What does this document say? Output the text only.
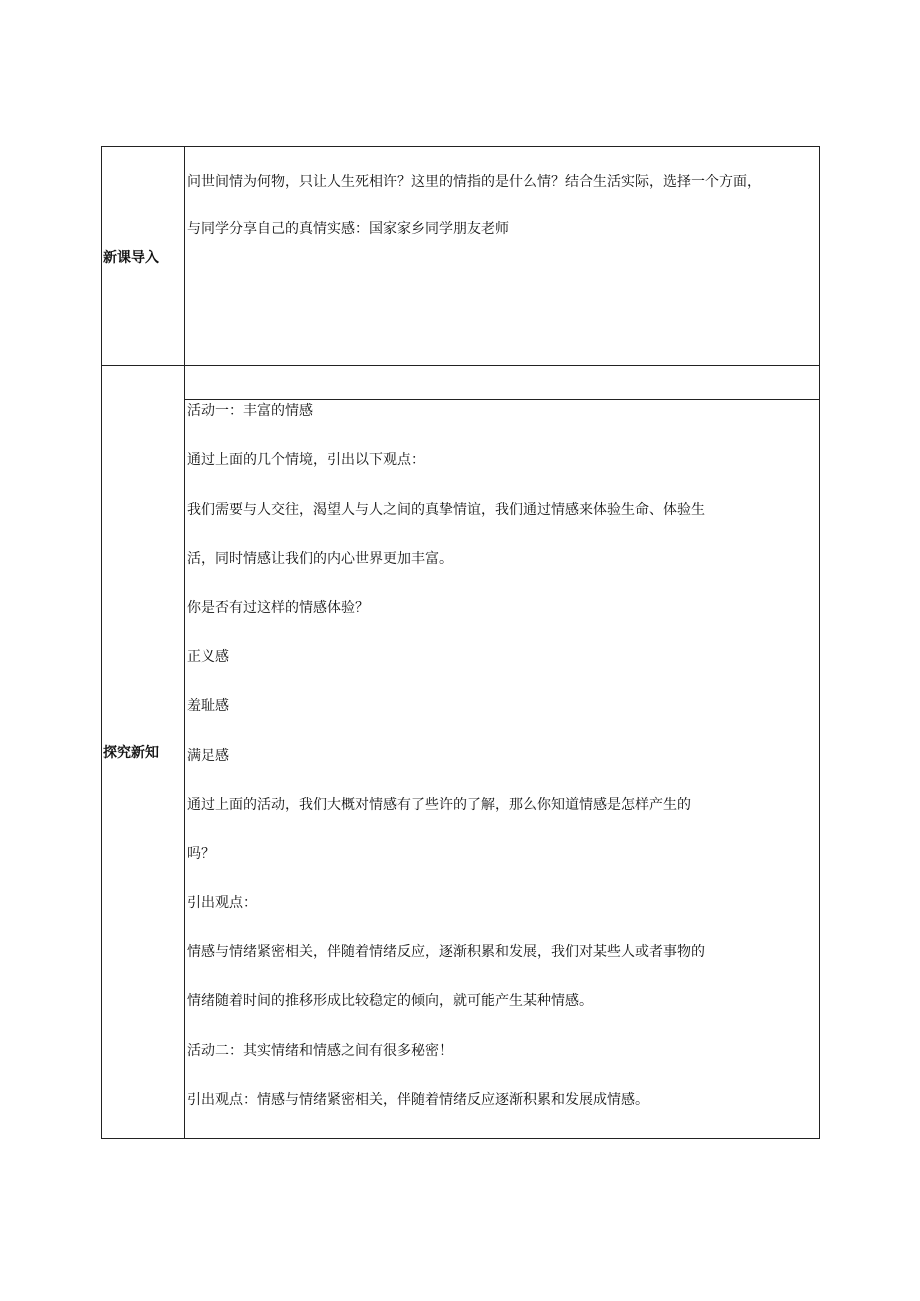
新课导入
问世间情为何物，只让人生死相许？这里的情指的是什么情？结合生活实际，选择一个方面，
与同学分享自己的真情实感：国家家乡同学朋友老师
探究新知
活动一：丰富的情感
通过上面的几个情境，引出以下观点：
我们需要与人交往，渴望人与人之间的真挚情谊，我们通过情感来体验生命、体验生
活，同时情感让我们的内心世界更加丰富。
你是否有过这样的情感体验？
正义感
羞耻感
满足感
通过上面的活动，我们大概对情感有了些许的了解，那么你知道情感是怎样产生的
吗？
引出观点：
情感与情绪紧密相关，伴随着情绪反应，逐渐积累和发展，我们对某些人或者事物的
情绪随着时间的推移形成比较稳定的倾向，就可能产生某种情感。
活动二：其实情绪和情感之间有很多秘密！
引出观点：情感与情绪紧密相关，伴随着情绪反应逐渐积累和发展成情感。
